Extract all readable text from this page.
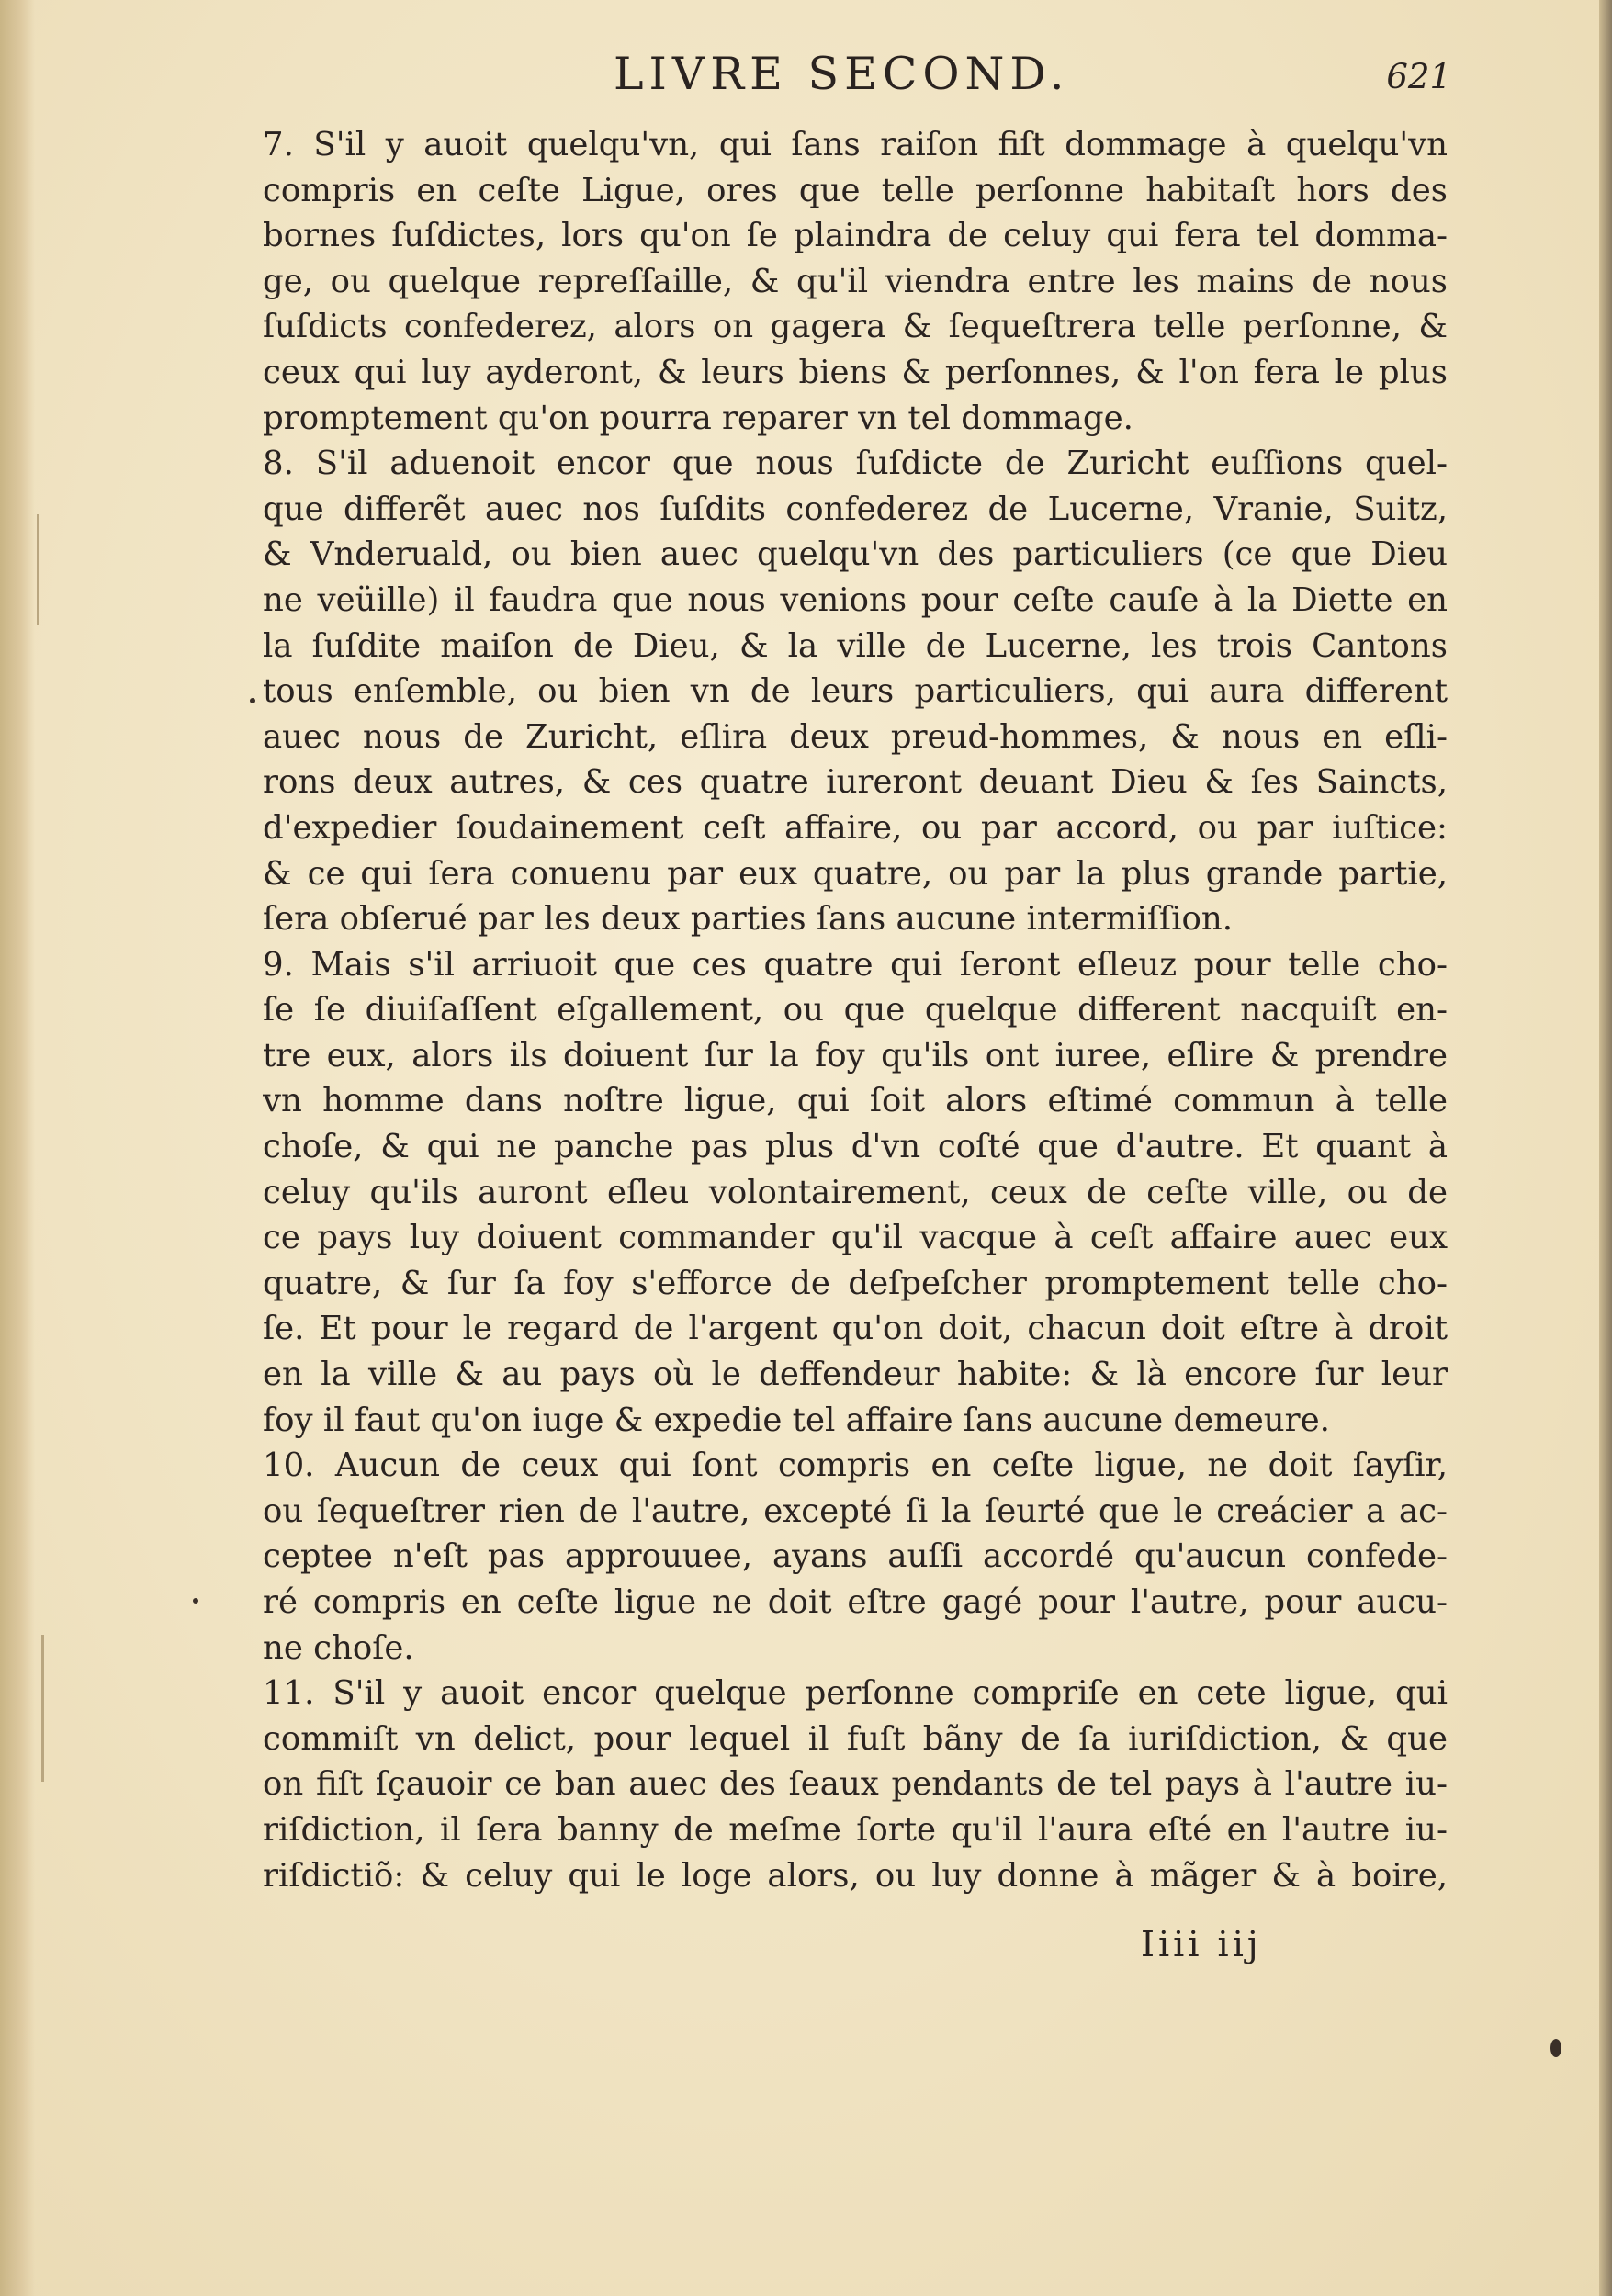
LIVRE SECOND.	621
7. S'il y auoit quelqu'vn, qui ſans raiſon fiſt dommage à quelqu'vn
compris en ceſte Ligue, ores que telle perſonne habitaſt hors des
bornes ſuſdictes, lors qu'on ſe plaindra de celuy qui fera tel domma-
ge, ou quelque repreſſaille, & qu'il viendra entre les mains de nous
ſuſdicts confederez, alors on gagera & ſequeſtrera telle perſonne, &
ceux qui luy ayderont, & leurs biens & perſonnes, & l'on fera le plus
promptement qu'on pourra reparer vn tel dommage.
8. S'il aduenoit encor que nous ſuſdicte de Zuricht euſſions quel-
que differẽt auec nos ſuſdits confederez de Lucerne, Vranie, Suitz,
& Vnderuald, ou bien auec quelqu'vn des particuliers (ce que Dieu
ne veüille) il faudra que nous venions pour ceſte cauſe à la Diette en
la ſuſdite maiſon de Dieu, & la ville de Lucerne, les trois Cantons
tous enſemble, ou bien vn de leurs particuliers, qui aura different
auec nous de Zuricht, eſlira deux preud-hommes, & nous en eſli-
rons deux autres, & ces quatre iureront deuant Dieu & ſes Saincts,
d'expedier ſoudainement ceſt affaire, ou par accord, ou par iuſtice:
& ce qui ſera conuenu par eux quatre, ou par la plus grande partie,
ſera obſerué par les deux parties ſans aucune intermiſſion.
9. Mais s'il arriuoit que ces quatre qui ſeront eſleuz pour telle cho-
ſe ſe diuiſaſſent eſgallement, ou que quelque different nacquiſt en-
tre eux, alors ils doiuent ſur la foy qu'ils ont iuree, eſlire & prendre
vn homme dans noſtre ligue, qui ſoit alors eſtimé commun à telle
choſe, & qui ne panche pas plus d'vn coſté que d'autre. Et quant à
celuy qu'ils auront eſleu volontairement, ceux de ceſte ville, ou de
ce pays luy doiuent commander qu'il vacque à ceſt affaire auec eux
quatre, & ſur ſa foy s'efforce de deſpeſcher promptement telle cho-
ſe. Et pour le regard de l'argent qu'on doit, chacun doit eſtre à droit
en la ville & au pays où le deffendeur habite: & là encore ſur leur
foy il faut qu'on iuge & expedie tel affaire ſans aucune demeure.
10. Aucun de ceux qui ſont compris en ceſte ligue, ne doit ſayſir,
ou ſequeſtrer rien de l'autre, excepté ſi la ſeurté que le creácier a ac-
ceptee n'eſt pas approuuee, ayans auſſi accordé qu'aucun confede-
ré compris en ceſte ligue ne doit eſtre gagé pour l'autre, pour aucu-
ne choſe.
11. S'il y auoit encor quelque perſonne compriſe en cete ligue, qui
commiſt vn delict, pour lequel il fuſt bãny de ſa iuriſdiction, & que
on fiſt ſçauoir ce ban auec des ſeaux pendants de tel pays à l'autre iu-
riſdiction, il ſera banny de meſme ſorte qu'il l'aura eſté en l'autre iu-
riſdictiõ: & celuy qui le loge alors, ou luy donne à mãger & à boire,
Iiii iij
